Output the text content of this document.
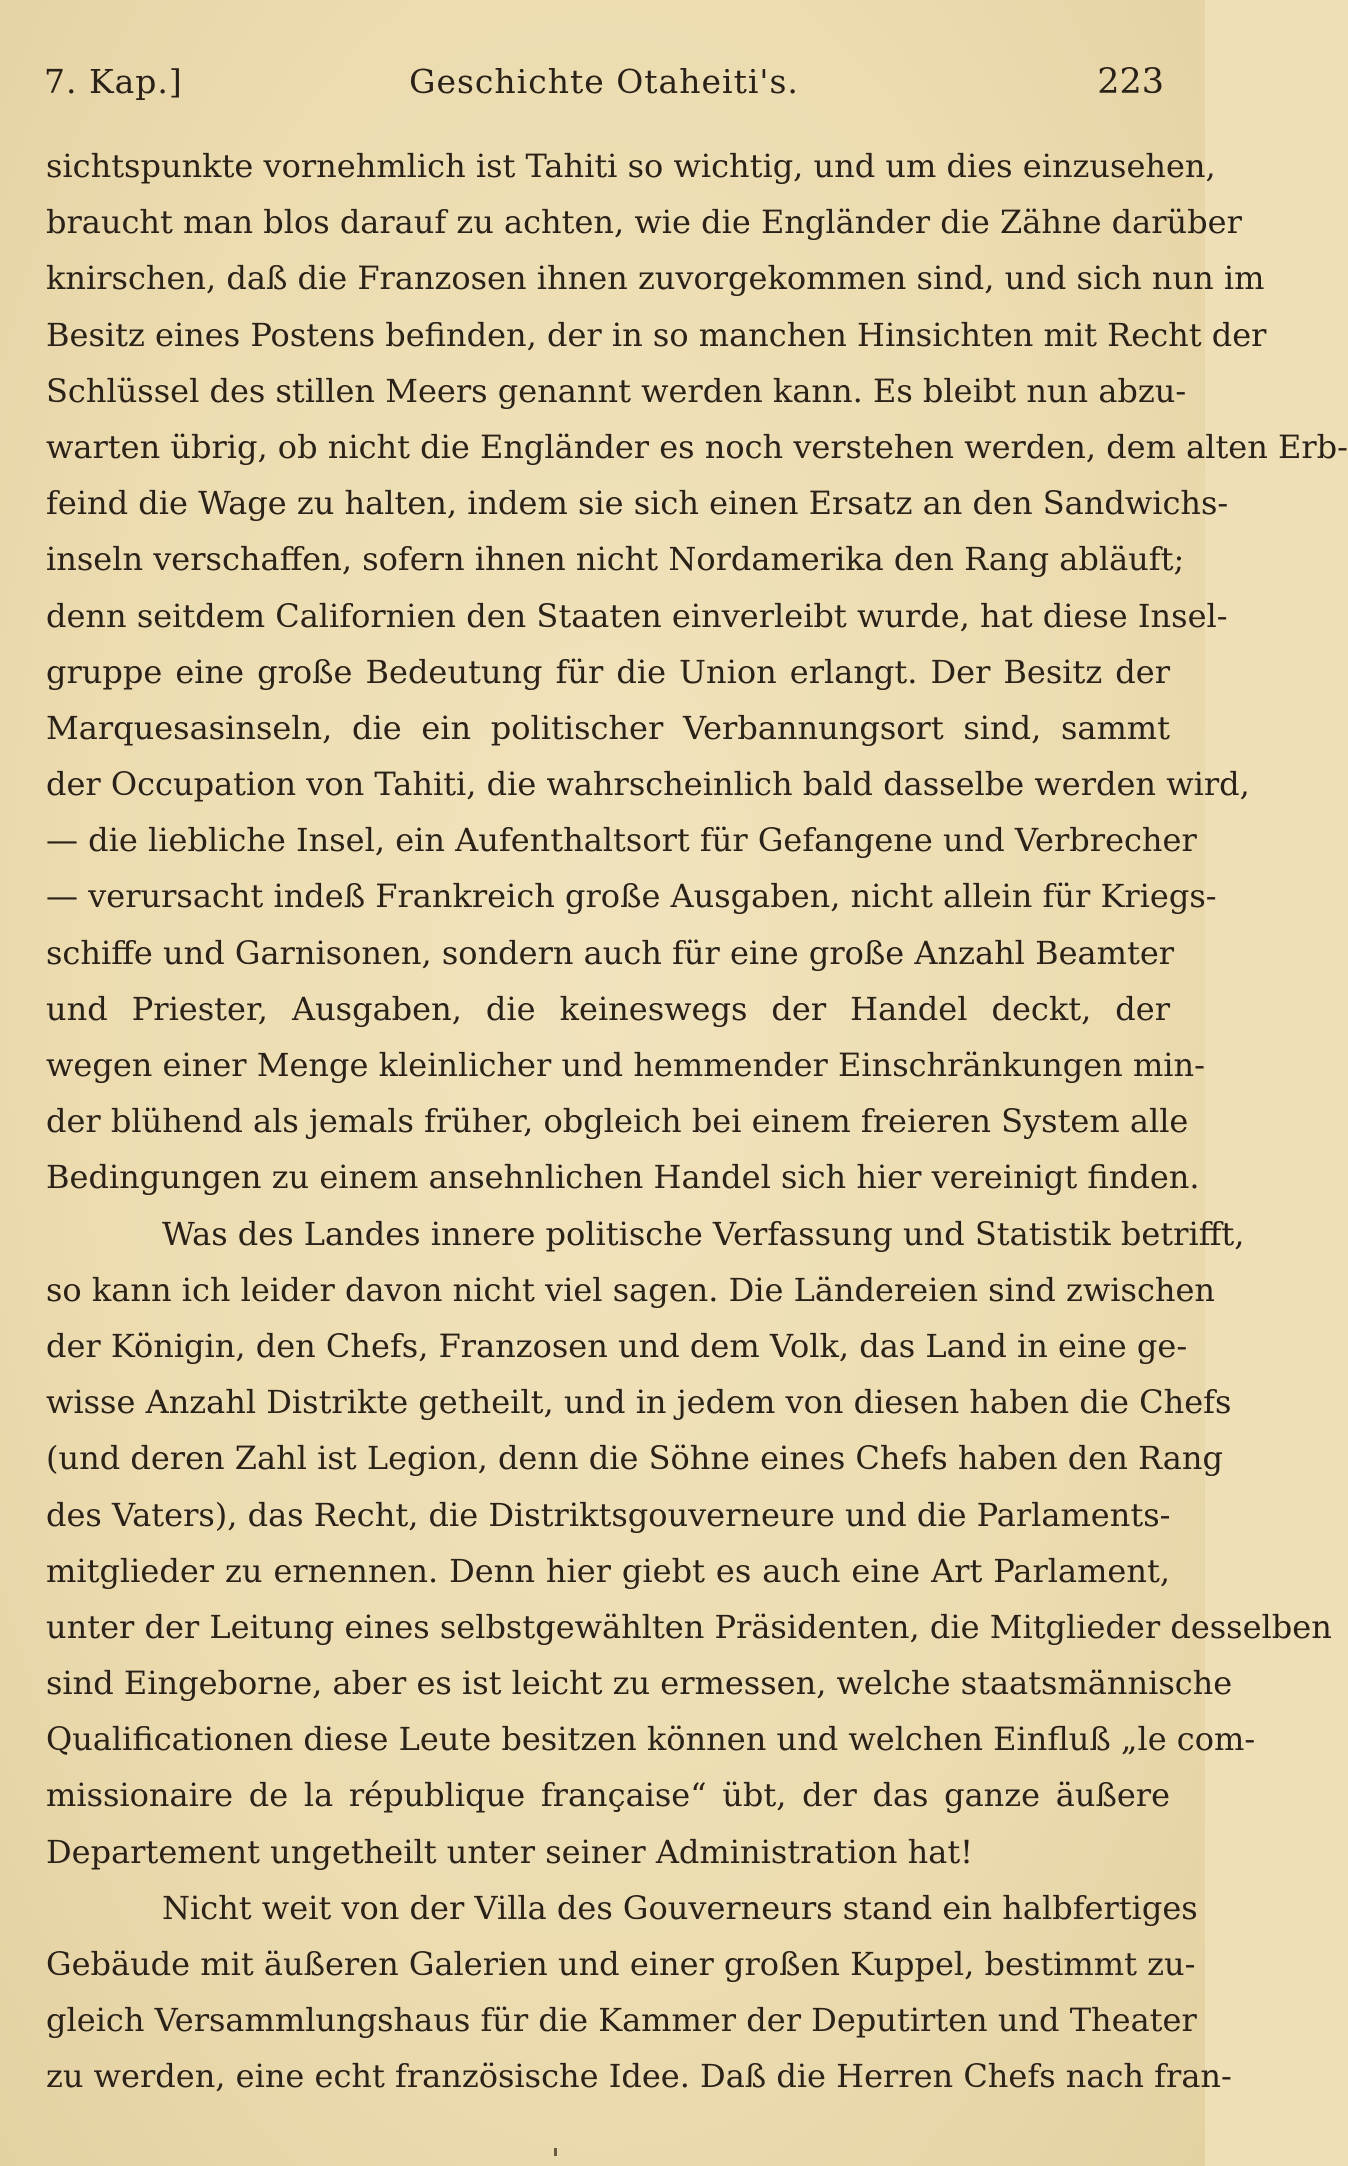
7. Kap.]	Geschichte Otaheiti's.	223
sichtspunkte vornehmlich ist Tahiti so wichtig, und um dies einzusehen,
braucht man blos darauf zu achten, wie die Engländer die Zähne darüber
knirschen, daß die Franzosen ihnen zuvorgekommen sind, und sich nun im
Besitz eines Postens befinden, der in so manchen Hinsichten mit Recht der
Schlüssel des stillen Meers genannt werden kann. Es bleibt nun abzu-
warten übrig, ob nicht die Engländer es noch verstehen werden, dem alten Erb-
feind die Wage zu halten, indem sie sich einen Ersatz an den Sandwichs-
inseln verschaffen, sofern ihnen nicht Nordamerika den Rang abläuft;
denn seitdem Californien den Staaten einverleibt wurde, hat diese Insel-
gruppe eine große Bedeutung für die Union erlangt. Der Besitz der
Marquesasinseln, die ein politischer Verbannungsort sind, sammt
der Occupation von Tahiti, die wahrscheinlich bald dasselbe werden wird,
— die liebliche Insel, ein Aufenthaltsort für Gefangene und Verbrecher
— verursacht indeß Frankreich große Ausgaben, nicht allein für Kriegs-
schiffe und Garnisonen, sondern auch für eine große Anzahl Beamter
und Priester, Ausgaben, die keineswegs der Handel deckt, der
wegen einer Menge kleinlicher und hemmender Einschränkungen min-
der blühend als jemals früher, obgleich bei einem freieren System alle
Bedingungen zu einem ansehnlichen Handel sich hier vereinigt finden.
Was des Landes innere politische Verfassung und Statistik betrifft,
so kann ich leider davon nicht viel sagen. Die Ländereien sind zwischen
der Königin, den Chefs, Franzosen und dem Volk, das Land in eine ge-
wisse Anzahl Distrikte getheilt, und in jedem von diesen haben die Chefs
(und deren Zahl ist Legion, denn die Söhne eines Chefs haben den Rang
des Vaters), das Recht, die Distriktsgouverneure und die Parlaments-
mitglieder zu ernennen. Denn hier giebt es auch eine Art Parlament,
unter der Leitung eines selbstgewählten Präsidenten, die Mitglieder desselben
sind Eingeborne, aber es ist leicht zu ermessen, welche staatsmännische
Qualificationen diese Leute besitzen können und welchen Einfluß „le com-
missionaire de la république française“ übt, der das ganze äußere
Departement ungetheilt unter seiner Administration hat!
Nicht weit von der Villa des Gouverneurs stand ein halbfertiges
Gebäude mit äußeren Galerien und einer großen Kuppel, bestimmt zu-
gleich Versammlungshaus für die Kammer der Deputirten und Theater
zu werden, eine echt französische Idee. Daß die Herren Chefs nach fran-
